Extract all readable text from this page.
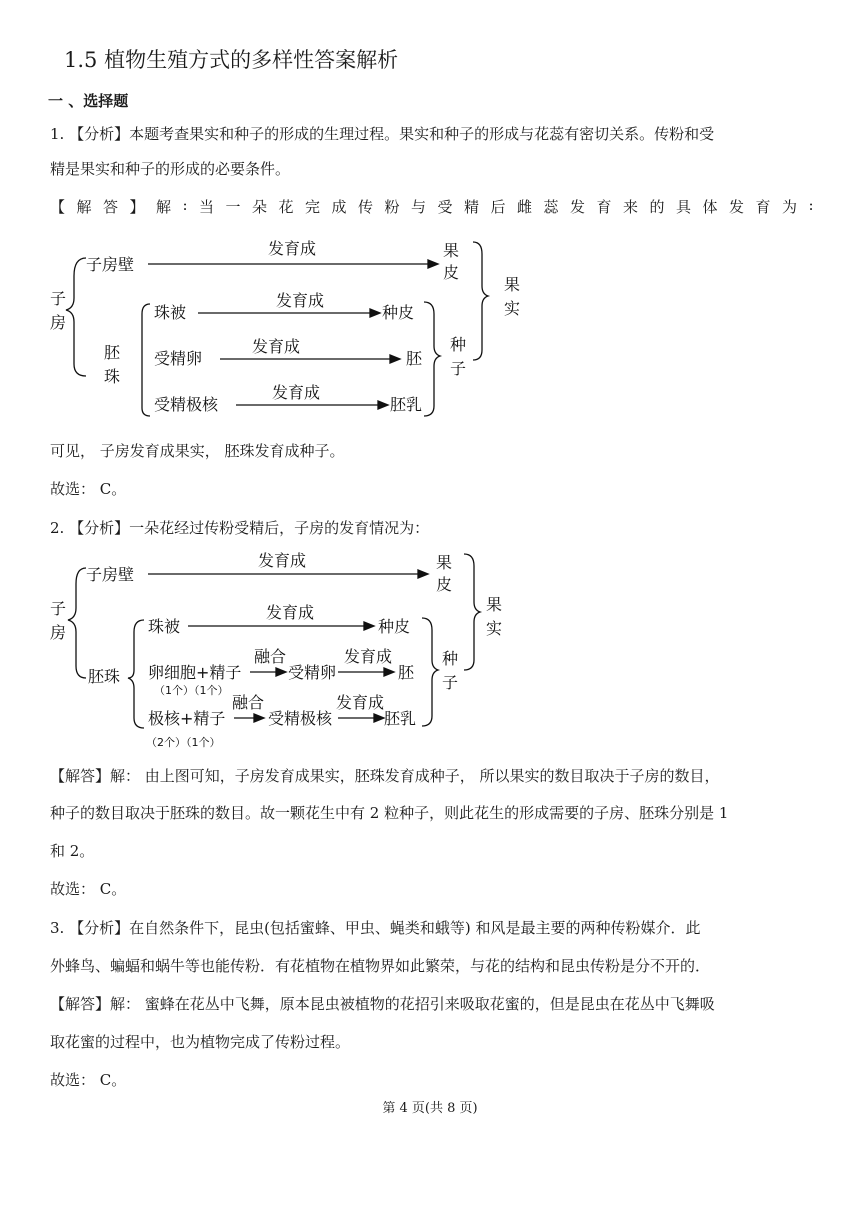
1.5 植物生殖方式的多样性答案解析
一 、选择题
1. 【分析】本题考查果实和种子的形成的生理过程。果实和种子的形成与花蕊有密切关系。传粉和受
精是果实和种子的形成的必要条件。
【 解 答 】 解 : 当 一 朵 花 完 成 传 粉 与 受 精 后 雌 蕊 发 育 来 的 具 体 发 育 为 :
子
房
子房壁
发育成	果
皮
果
实
胚
珠
珠被
发育成
种皮
受精卵
发育成
胚
受精极核
发育成
胚乳
种
子
可见， 子房发育成果实， 胚珠发育成种子。
故选： C。
2. 【分析】一朵花经过传粉受精后，子房的发育情况为：
子
房
子房壁
发育成	果
皮
果
实
胚珠
珠被
发育成
种皮
卵细胞+精子
（1个）（1个）
融合
受精卵
发育成
胚
极核+精子
（2个）（1个）
融合
受精极核
发育成
胚乳
种
子
【解答】解： 由上图可知，子房发育成果实，胚珠发育成种子， 所以果实的数目取决于子房的数目，
种子的数目取决于胚珠的数目。故一颗花生中有 2 粒种子，则此花生的形成需要的子房、胚珠分别是 1
和 2。
故选： C。
3. 【分析】在自然条件下，昆虫(包括蜜蜂、甲虫、蝇类和蛾等) 和风是最主要的两种传粉媒介．此
外蜂鸟、蝙蝠和蜗牛等也能传粉．有花植物在植物界如此繁荣，与花的结构和昆虫传粉是分不开的．
【解答】解： 蜜蜂在花丛中飞舞，原本昆虫被植物的花招引来吸取花蜜的，但是昆虫在花丛中飞舞吸
取花蜜的过程中，也为植物完成了传粉过程。
故选： C。
第 4 页(共 8 页)
